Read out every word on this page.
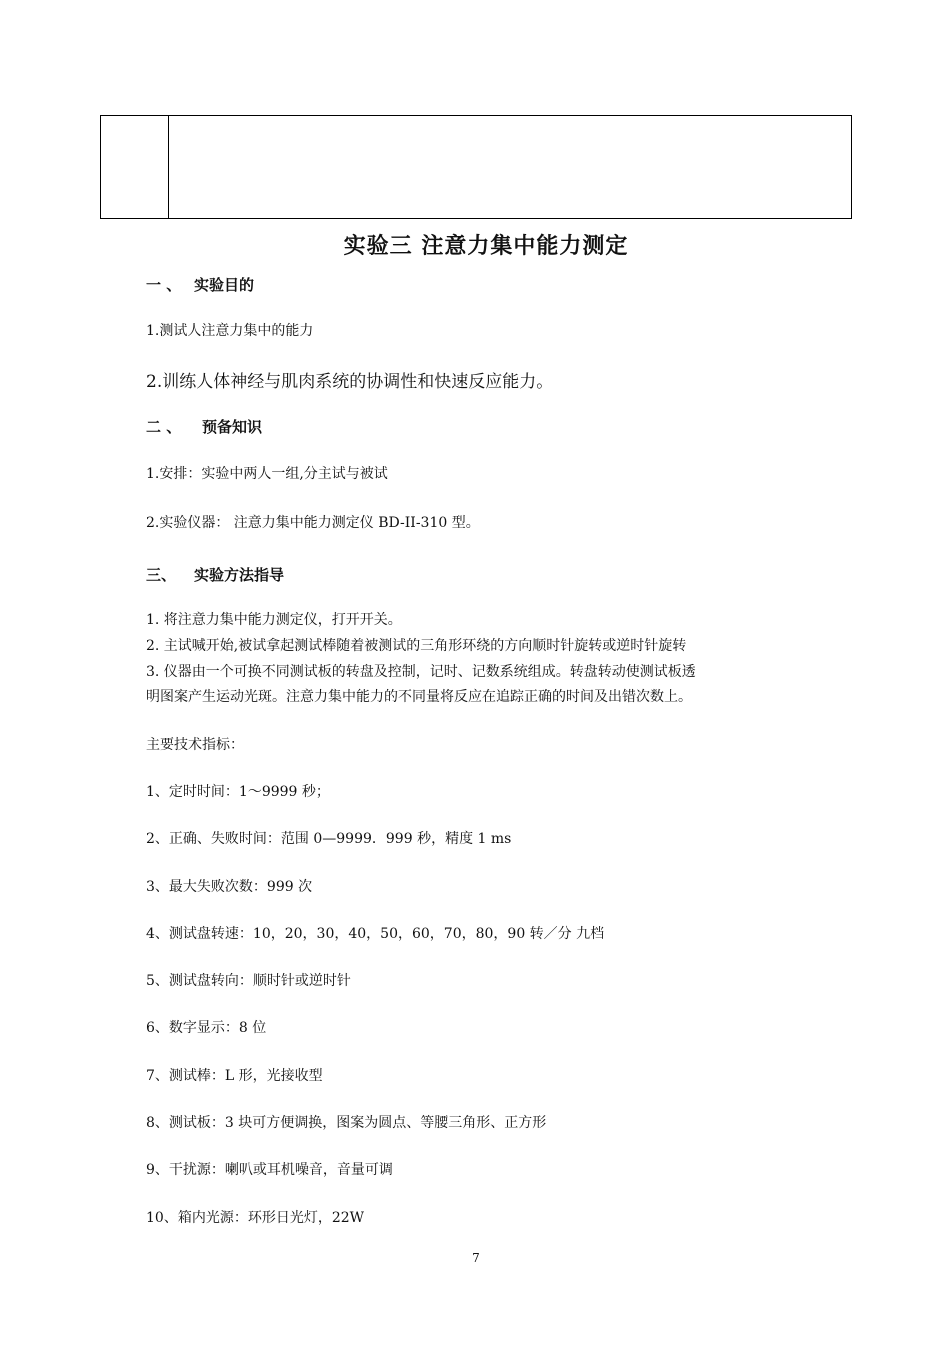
实验三 注意力集中能力测定
一 、 实验目的
1.测试人注意力集中的能力
2.训练人体神经与肌肉系统的协调性和快速反应能力。
二 、 预备知识
1.安排：实验中两人一组,分主试与被试
2.实验仪器： 注意力集中能力测定仪 BD-II-310 型。
三、 实验方法指导
1. 将注意力集中能力测定仪，打开开关。
2. 主试喊开始,被试拿起测试棒随着被测试的三角形环绕的方向顺时针旋转或逆时针旋转
3. 仪器由一个可换不同测试板的转盘及控制，记时、记数系统组成。转盘转动使测试板透
明图案产生运动光斑。注意力集中能力的不同量将反应在追踪正确的时间及出错次数上。
主要技术指标：
1、定时时间：1～9999 秒；
2、正确、失败时间：范围 0—9999．999 秒，精度 1 ms
3、最大失败次数：999 次
4、测试盘转速：10，20，30，40，50，60，70，80，90 转／分 九档
5、测试盘转向：顺时针或逆时针
6、数字显示：8 位
7、测试棒：L 形，光接收型
8、测试板：3 块可方便调换，图案为圆点、等腰三角形、正方形
9、干扰源：喇叭或耳机噪音，音量可调
10、箱内光源：环形日光灯，22W
7
